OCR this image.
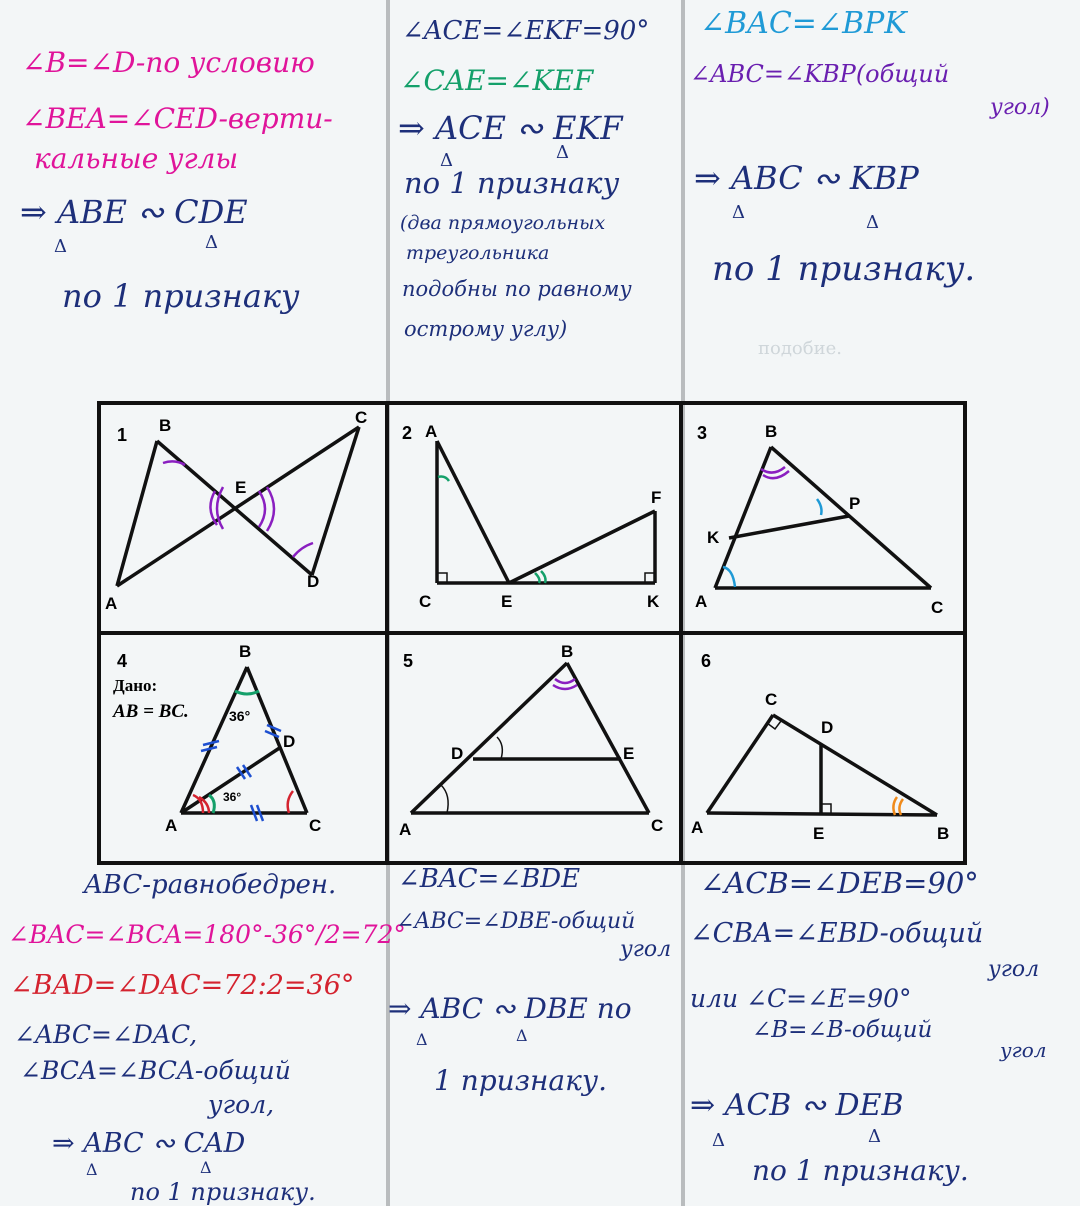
∠B=∠D-по условию
∠BEA=∠CED-верти-
кальные углы
⇒ ABE ∾ CDE
Δ	Δ
по 1 признаку
∠ACE=∠EKF=90°
∠CAE=∠KEF
⇒ ACE ∾ EKF
Δ	Δ
по 1 признаку
(два прямоугольных
треугольника
подобны по равному
острому углу)
∠BAC=∠BPK
∠ABC=∠KBP(общий
угол)
⇒ ABC ∾ KBP
Δ	Δ
по 1 признаку.
подобие.
1 B	C
E
A
D
2 A
F
C	E	K
3	B
P
K
A	C
4
Дано:
AB = BC.	36°
36°
B
D
A	C
5	B
D	E
A	C
6
C
D
A	E	B
ABC-равнобедрен.
∠BAC=∠BCA=180°-36°/2=72°
∠BAD=∠DAC=72:2=36°
∠ABC=∠DAC,
∠BCA=∠BCA-общий
угол,
⇒ ABC ∾ CAD
Δ	Δ
по 1 признаку.
∠BAC=∠BDE
∠ABC=∠DBE-общий
угол
⇒ ABC ∾ DBE по
Δ	Δ
1 признаку.
∠ACB=∠DEB=90°
∠CBA=∠EBD-общий
угол
или ∠C=∠E=90°
∠B=∠B-общий
угол
⇒ ACB ∾ DEB
Δ	Δ
по 1 признаку.
